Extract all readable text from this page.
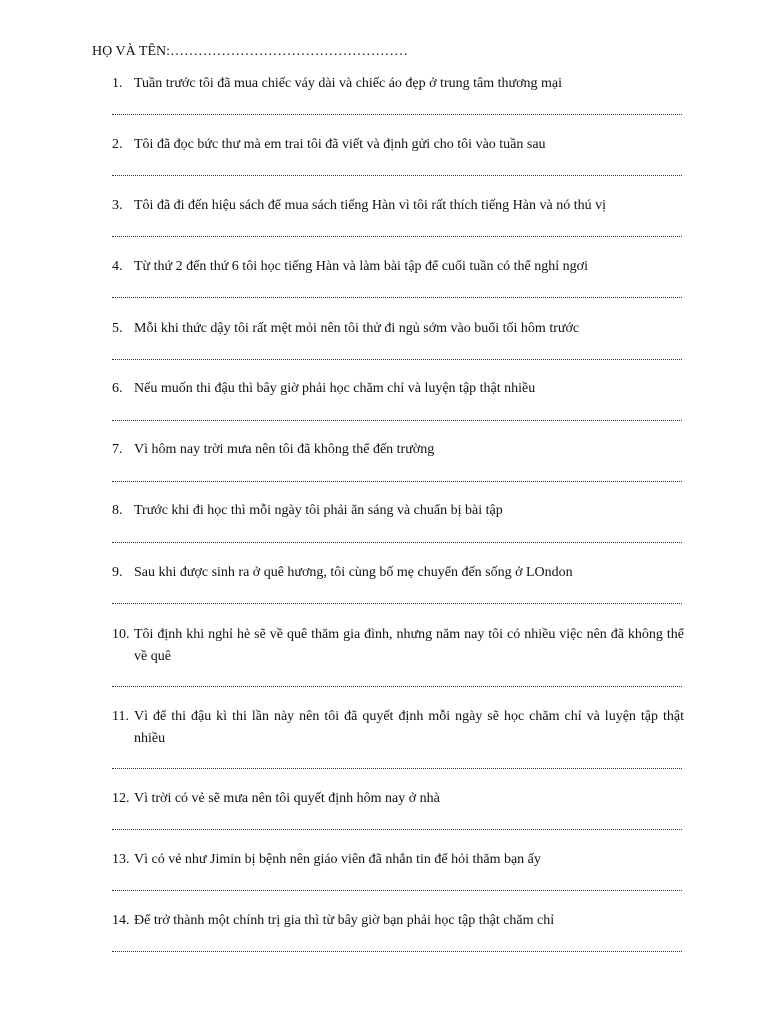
HỌ VÀ TÊN:……………………………………………
1. Tuần trước tôi đã mua chiếc váy dài và chiếc áo đẹp ở trung tâm thương mại
2. Tôi đã đọc bức thư mà em trai tôi đã viết và định gửi cho tôi vào tuần sau
3. Tôi đã đi đến hiệu sách để mua sách tiếng Hàn vì tôi rất thích tiếng Hàn và nó thú vị
4. Từ thứ 2 đến thứ 6 tôi học tiếng Hàn và làm bài tập để cuối tuần có thể nghỉ ngơi
5. Mỗi khi thức dậy tôi rất mệt mỏi nên tôi thử đi ngủ sớm vào buổi tối hôm trước
6. Nếu muốn thi đậu thì bây giờ phải học chăm chỉ và luyện tập thật nhiều
7. Vì hôm nay trời mưa nên tôi đã không thể đến trường
8. Trước khi đi học thì mỗi ngày tôi phải ăn sáng và chuẩn bị bài tập
9. Sau khi được sinh ra ở quê hương, tôi cùng bố mẹ chuyển đến sống ở LOndon
10. Tôi định khi nghỉ hè sẽ về quê thăm gia đình, nhưng năm nay tôi có nhiều việc nên đã không thể về quê
11. Vì để thi đậu kì thi lần này nên tôi đã quyết định mỗi ngày sẽ học chăm chỉ và luyện tập thật nhiều
12. Vì trời có vẻ sẽ mưa nên tôi quyết định hôm nay ở nhà
13. Vì có vẻ như Jimin bị bệnh nên giáo viên đã nhắn tin để hỏi thăm bạn ấy
14. Để trở thành một chính trị gia thì từ bây giờ bạn phải học tập thật chăm chỉ
